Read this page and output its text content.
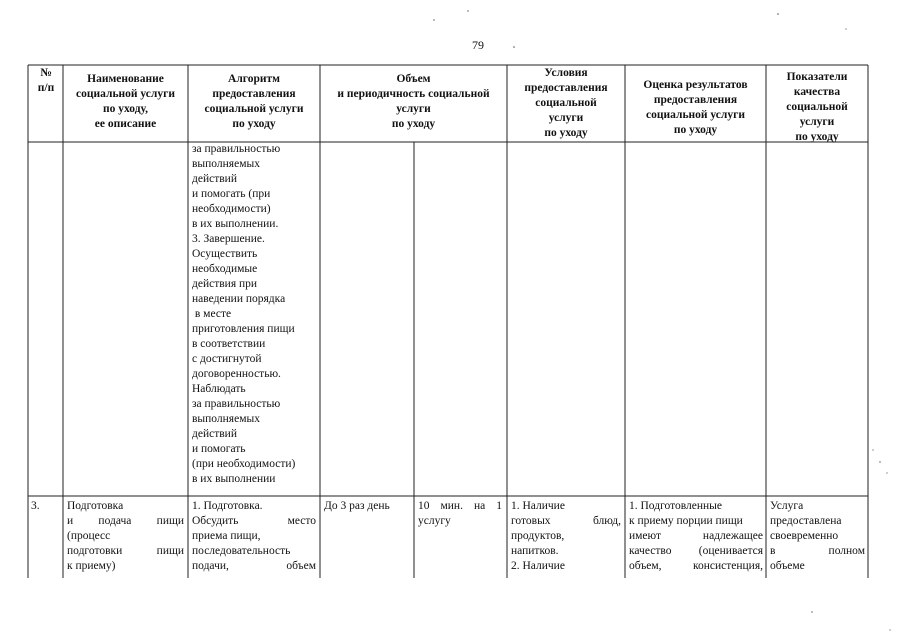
79
№
п/п
Наименование
социальной услуги
по уходу,
ее описание
Алгоритм
предоставления
социальной услуги
по уходу
Объем
и периодичность социальной
услуги
по уходу
Условия
предоставления
социальной
услуги
по уходу
Оценка результатов
предоставления
социальной услуги
по уходу
Показатели
качества
социальной
услуги
по уходу
за правильностью
выполняемых
действий
и помогать (при
необходимости)
в их выполнении.
3. Завершение.
Осуществить
необходимые
действия при
наведении порядка
в месте
приготовления пищи
в соответствии
с достигнутой
договоренностью.
Наблюдать
за правильностью
выполняемых
действий
и помогать
(при необходимости)
в их выполнении
3.	Подготовка
и подача пищи
(процесс
подготовки пищи
к приему)
1. Подготовка.
Обсудить место
приема пищи,
последовательность
подачи, объем
До 3 раз день	10 мин. на 1
услугу
1. Наличие
готовых блюд,
продуктов,
напитков.
2. Наличие
1. Подготовленные
к приему порции пищи
имеют надлежащее
качество (оценивается
объем, консистенция,
Услуга
предоставлена
своевременно
в полном
объеме
